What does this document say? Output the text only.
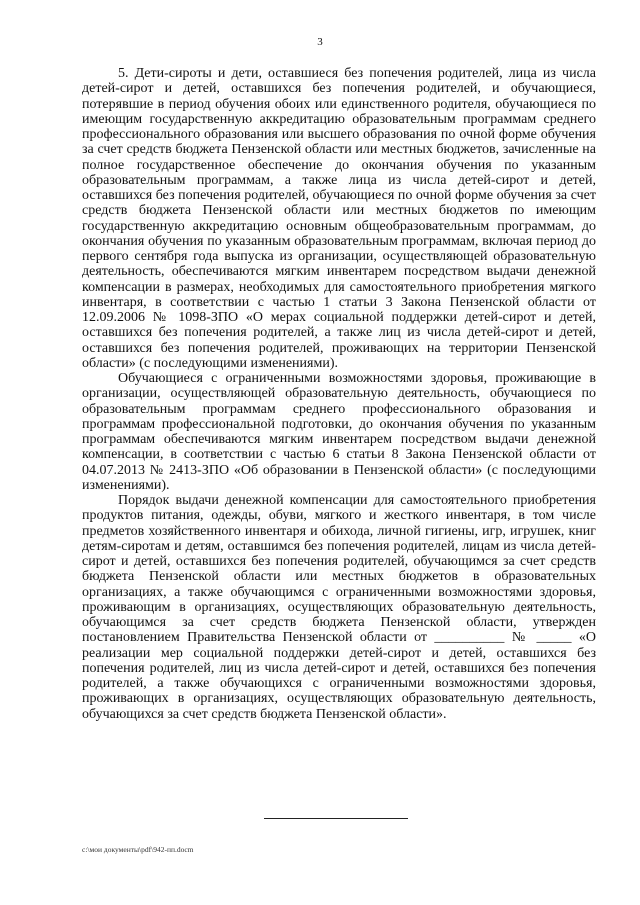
3

5. Дети-сироты и дети, оставшиеся без попечения родителей, лица из числа детей-сирот и детей, оставшихся без попечения родителей, и обучающиеся, потерявшие в период обучения обоих или единственного родителя, обучающиеся по имеющим государственную аккредитацию образовательным программам среднего профессионального образования или высшего образования по очной форме обучения за счет средств бюджета Пензенской области или местных бюджетов, зачисленные на полное государственное обеспечение до окончания обучения по указанным образовательным программам, а также лица из числа детей-сирот и детей, оставшихся без попечения родителей, обучающиеся по очной форме обучения за счет средств бюджета Пензенской области или местных бюджетов по имеющим государственную аккредитацию основным общеобразовательным программам, до окончания обучения по указанным образовательным программам, включая период до первого сентября года выпуска из организации, осуществляющей образовательную деятельность, обеспечиваются мягким инвентарем посредством выдачи денежной компенсации в размерах, необходимых для самостоятельного приобретения мягкого инвентаря, в соответствии с частью 1 статьи 3 Закона Пензенской области от 12.09.2006 № 1098-ЗПО «О мерах социальной поддержки детей-сирот и детей, оставшихся без попечения родителей, а также лиц из числа детей-сирот и детей, оставшихся без попечения родителей, проживающих на территории Пензенской области» (с последующими изменениями).

Обучающиеся с ограниченными возможностями здоровья, проживающие в организации, осуществляющей образовательную деятельность, обучающиеся по образовательным программам среднего профессионального образования и программам профессиональной подготовки, до окончания обучения по указанным программам обеспечиваются мягким инвентарем посредством выдачи денежной компенсации, в соответствии с частью 6 статьи 8 Закона Пензенской области от 04.07.2013 № 2413-ЗПО «Об образовании в Пензенской области» (с последующими изменениями).

Порядок выдачи денежной компенсации для самостоятельного приобретения продуктов питания, одежды, обуви, мягкого и жесткого инвентаря, в том числе предметов хозяйственного инвентаря и обихода, личной гигиены, игр, игрушек, книг детям-сиротам и детям, оставшимся без попечения родителей, лицам из числа детей-сирот и детей, оставшихся без попечения родителей, обучающимся за счет средств бюджета Пензенской области или местных бюджетов в образовательных организациях, а также обучающимся с ограниченными возможностями здоровья, проживающим в организациях, осуществляющих образовательную деятельность, обучающимся за счет средств бюджета Пензенской области, утвержден постановлением Правительства Пензенской области от __________ № _____ «О реализации мер социальной поддержки детей-сирот и детей, оставшихся без попечения родителей, лиц из числа детей-сирот и детей, оставшихся без попечения родителей, а также обучающихся с ограниченными возможностями здоровья, проживающих в организациях, осуществляющих образовательную деятельность, обучающихся за счет средств бюджета Пензенской области».

c:\мои документы\pdf\942-пп.docm
